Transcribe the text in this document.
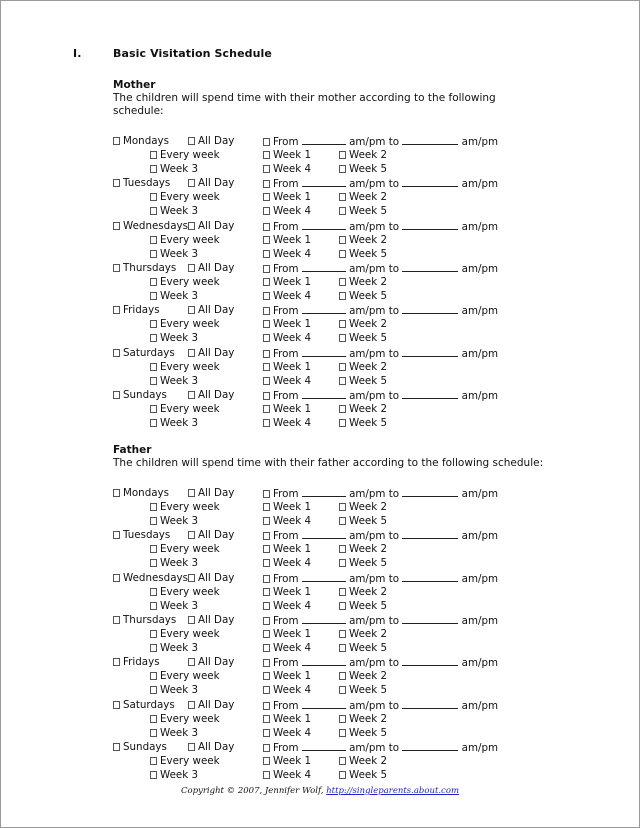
I.	Basic Visitation Schedule
Mother
The children will spend time with their mother according to the following schedule:
Mondays	All Day	From	am/pm to	am/pm
Every week	Week 1	Week 2
Week 3	Week 4	Week 5
Tuesdays	All Day	From	am/pm to	am/pm
Every week	Week 1	Week 2
Week 3	Week 4	Week 5
Wednesdays All Day	From	am/pm to	am/pm
Every week	Week 1	Week 2
Week 3	Week 4	Week 5
Thursdays	All Day	From	am/pm to	am/pm
Every week	Week 1	Week 2
Week 3	Week 4	Week 5
Fridays	All Day	From	am/pm to	am/pm
Every week	Week 1	Week 2
Week 3	Week 4	Week 5
Saturdays	All Day	From	am/pm to	am/pm
Every week	Week 1	Week 2
Week 3	Week 4	Week 5
Sundays	All Day	From	am/pm to	am/pm
Every week	Week 1	Week 2
Week 3	Week 4	Week 5
Father
The children will spend time with their father according to the following schedule:
Mondays	All Day	From	am/pm to	am/pm
Every week	Week 1	Week 2
Week 3	Week 4	Week 5
Tuesdays	All Day	From	am/pm to	am/pm
Every week	Week 1	Week 2
Week 3	Week 4	Week 5
Wednesdays All Day	From	am/pm to	am/pm
Every week	Week 1	Week 2
Week 3	Week 4	Week 5
Thursdays	All Day	From	am/pm to	am/pm
Every week	Week 1	Week 2
Week 3	Week 4	Week 5
Fridays	All Day	From	am/pm to	am/pm
Every week	Week 1	Week 2
Week 3	Week 4	Week 5
Saturdays	All Day	From	am/pm to	am/pm
Every week	Week 1	Week 2
Week 3	Week 4	Week 5
Sundays	All Day	From	am/pm to	am/pm
Every week	Week 1	Week 2
Week 3	Week 4	Week 5
Copyright © 2007, Jennifer Wolf, http://singleparents.about.com
